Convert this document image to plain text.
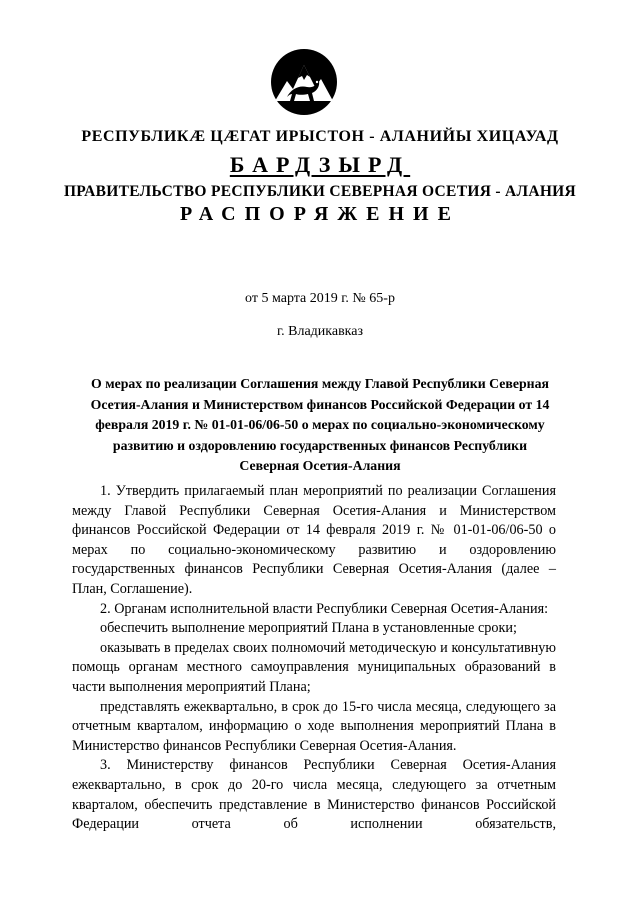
РЕСПУБЛИКÆ ЦÆГАТ ИРЫСТОН - АЛАНИЙЫ ХИЦАУАД
БАРДЗЫРД
ПРАВИТЕЛЬСТВО РЕСПУБЛИКИ СЕВЕРНАЯ ОСЕТИЯ - АЛАНИЯ
РАСПОРЯЖЕНИЕ
от 5 марта 2019 г. № 65-р
г. Владикавказ

О мерах по реализации Соглашения между Главой Республики Северная Осетия-Алания и Министерством финансов Российской Федерации от 14 февраля 2019 г. № 01-01-06/06-50 о мерах по социально-экономическому развитию и оздоровлению государственных финансов Республики Северная Осетия-Алания

1. Утвердить прилагаемый план мероприятий по реализации Соглашения между Главой Республики Северная Осетия-Алания и Министерством финансов Российской Федерации от 14 февраля 2019 г. № 01-01-06/06-50 о мерах по социально-экономическому развитию и оздоровлению государственных финансов Республики Северная Осетия-Алания (далее – План, Соглашение).

2. Органам исполнительной власти Республики Северная Осетия-Алания:

обеспечить выполнение мероприятий Плана в установленные сроки;

оказывать в пределах своих полномочий методическую и консультативную помощь органам местного самоуправления муниципальных образований в части выполнения мероприятий Плана;

представлять ежеквартально, в срок до 15-го числа месяца, следующего за отчетным кварталом, информацию о ходе выполнения мероприятий Плана в Министерство финансов Республики Северная Осетия-Алания.

3. Министерству финансов Республики Северная Осетия-Алания ежеквартально, в срок до 20-го числа месяца, следующего за отчетным кварталом, обеспечить представление в Министерство финансов Российской Федерации отчета об исполнении обязательств,
